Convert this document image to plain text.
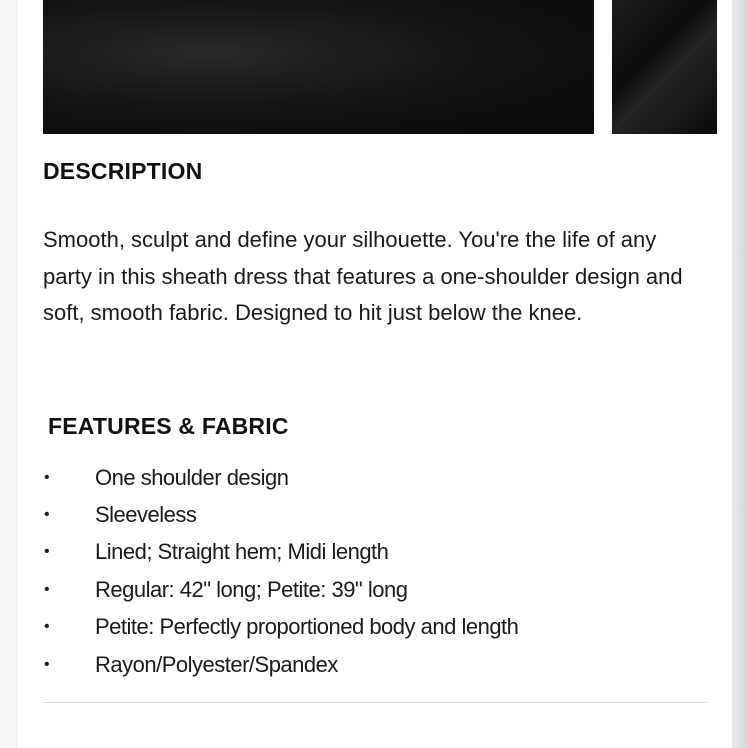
DESCRIPTION

Smooth, sculpt and define your silhouette. You're the life of any party in this sheath dress that features a one-shoulder design and soft, smooth fabric. Designed to hit just below the knee.

FEATURES & FABRIC
•	One shoulder design
•	Sleeveless
•	Lined; Straight hem; Midi length
•	Regular: 42" long; Petite: 39" long
•	Petite: Perfectly proportioned body and length
•	Rayon/Polyester/Spandex
